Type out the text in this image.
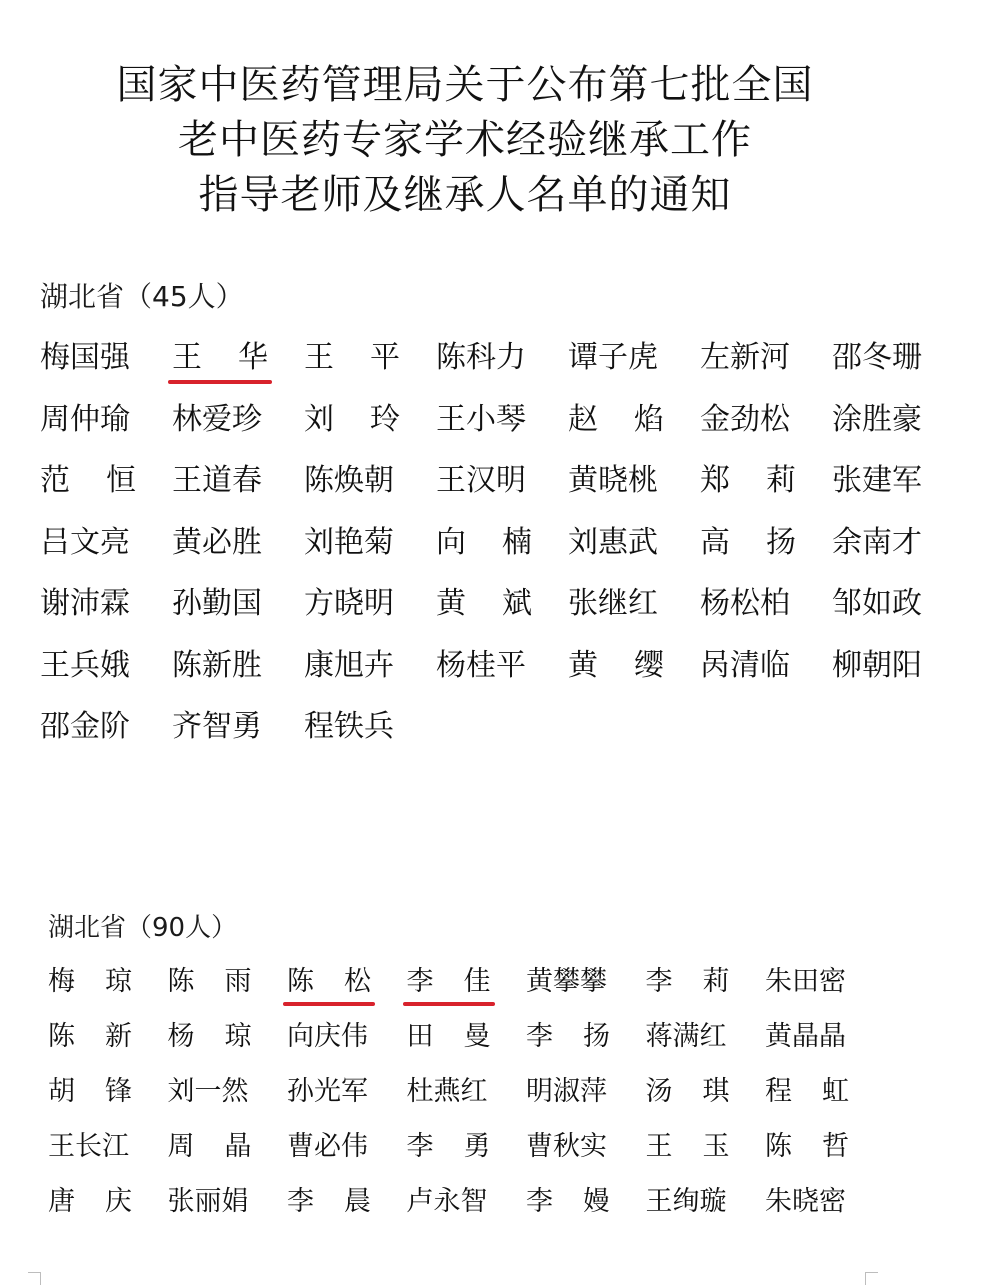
国家中医药管理局关于公布第七批全国
老中医药专家学术经验继承工作
指导老师及继承人名单的通知
湖北省（45人）
梅国强 王 华 王 平 陈科力 谭子虎 左新河 邵冬珊
周仲瑜 林爱珍 刘 玲 王小琴 赵 焰 金劲松 涂胜豪
范 恒 王道春 陈焕朝 王汉明 黄晓桃 郑 莉 张建军
吕文亮 黄必胜 刘艳菊 向 楠 刘惠武 高 扬 余南才
谢沛霖 孙勤国 方晓明 黄 斌 张继红 杨松柏 邹如政
王兵娥 陈新胜 康旭卉 杨桂平 黄 缨 呙清临 柳朝阳
邵金阶 齐智勇 程铁兵
湖北省（90人）
梅 琼 陈 雨 陈 松 李 佳 黄攀攀 李 莉 朱田密
陈 新 杨 琼 向庆伟 田 曼 李 扬 蒋满红 黄晶晶
胡 锋 刘一然 孙光军 杜燕红 明淑萍 汤 琪 程 虹
王长江 周 晶 曹必伟 李 勇 曹秋实 王 玉 陈 哲
唐 庆 张丽娟 李 晨 卢永智 李 嫚 王绚璇 朱晓密
